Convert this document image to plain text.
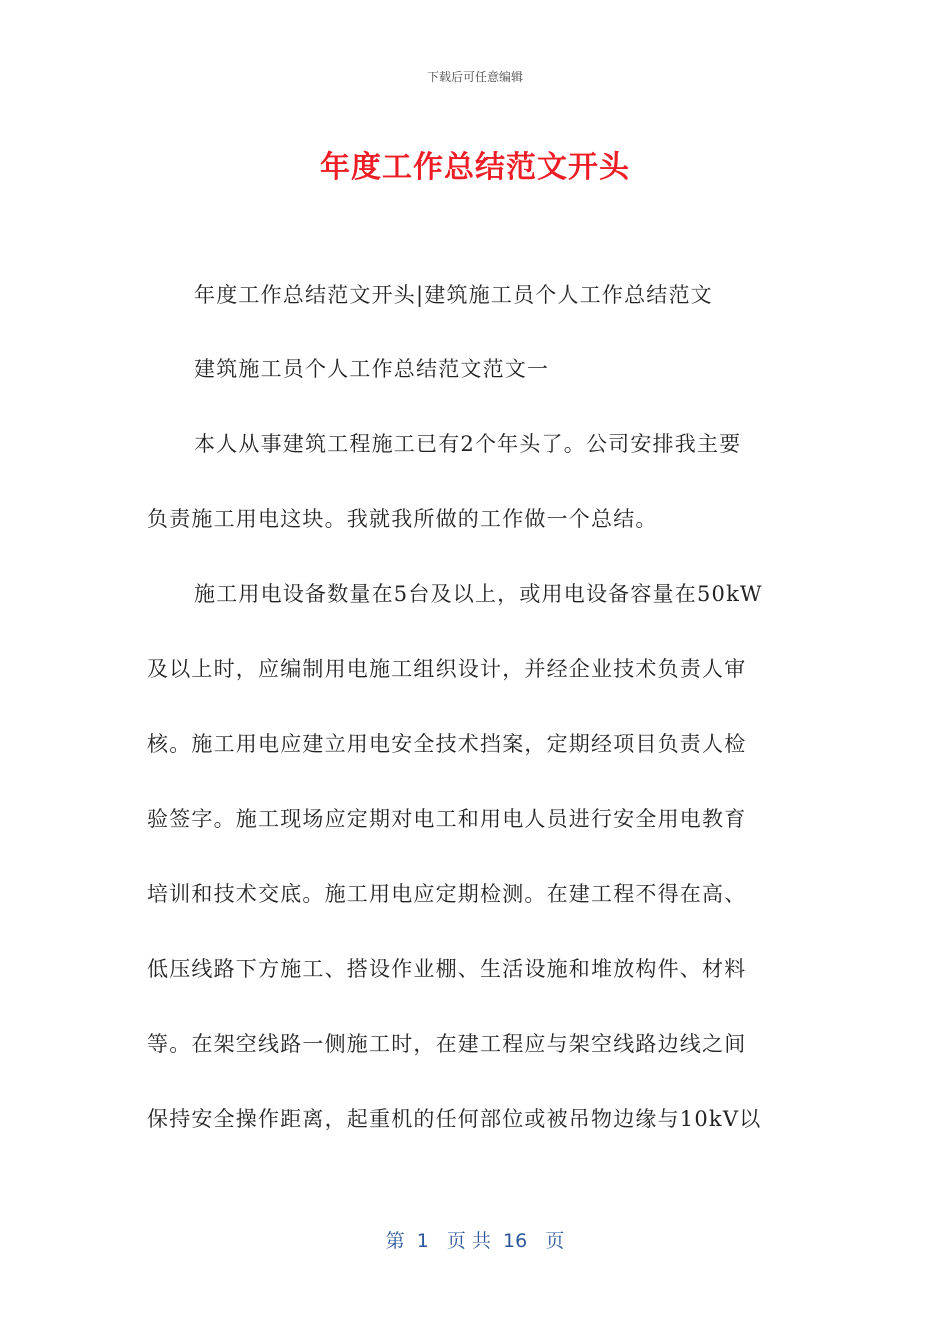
下载后可任意编辑
年度工作总结范文开头
年度工作总结范文开头|建筑施工员个人工作总结范文
建筑施工员个人工作总结范文范文一
本人从事建筑工程施工已有2个年头了。公司安排我主要
负责施工用电这块。我就我所做的工作做一个总结。
施工用电设备数量在5台及以上，或用电设备容量在50kW
及以上时，应编制用电施工组织设计，并经企业技术负责人审
核。施工用电应建立用电安全技术挡案，定期经项目负责人检
验签字。施工现场应定期对电工和用电人员进行安全用电教育
培训和技术交底。施工用电应定期检测。在建工程不得在高、
低压线路下方施工、搭设作业棚、生活设施和堆放构件、材料
等。在架空线路一侧施工时，在建工程应与架空线路边线之间
保持安全操作距离，起重机的任何部位或被吊物边缘与10kV以
第  1   页 共  16   页
